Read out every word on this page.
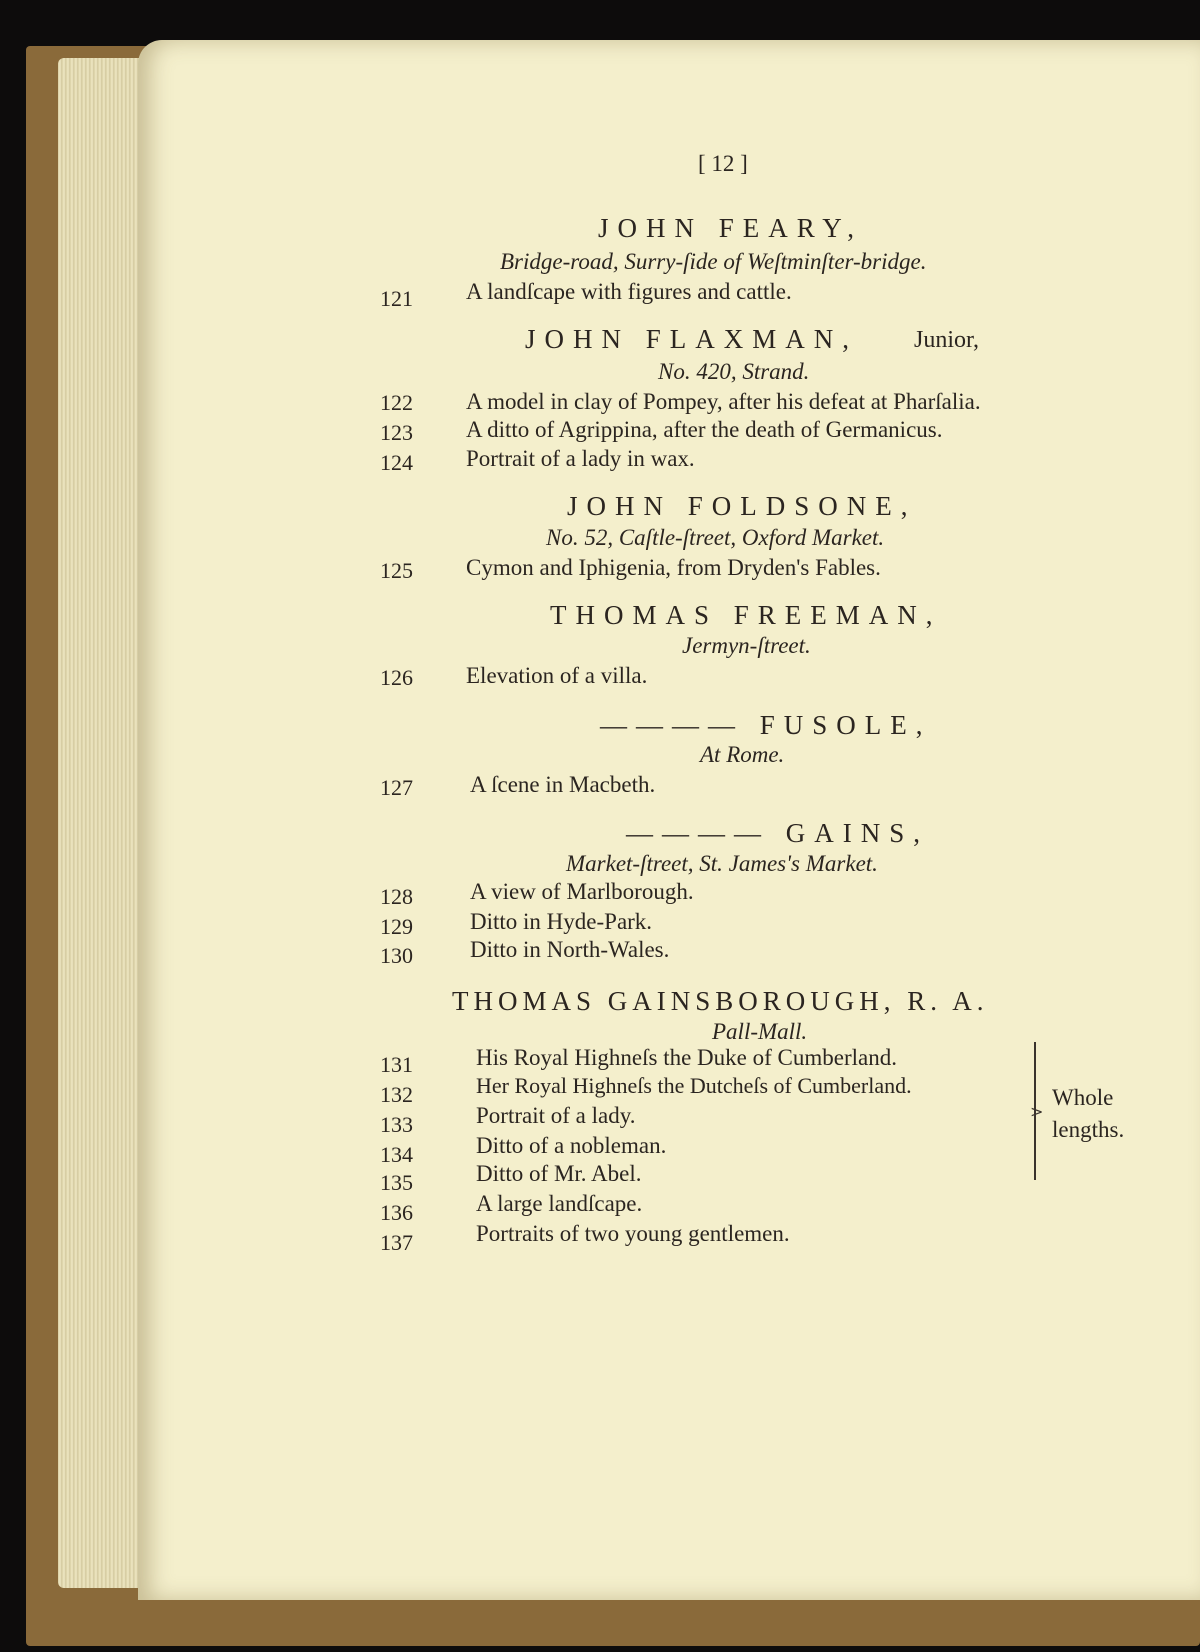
[ 12 ]
JOHN FEARY,
Bridge-road, Surry-ſide of Weſtminſter-bridge.
121 A landſcape with figures and cattle.
JOHN FLAXMAN, Junior,
No. 420, Strand.
122 A model in clay of Pompey, after his defeat at Pharſalia.
123 A ditto of Agrippina, after the death of Germanicus.
124 Portrait of a lady in wax.
JOHN FOLDSONE,
No. 52, Caſtle-ſtreet, Oxford Market.
125 Cymon and Iphigenia, from Dryden's Fables.
THOMAS FREEMAN,
Jermyn-ſtreet.
126 Elevation of a villa.
———— FUSOLE,
At Rome.
127 A ſcene in Macbeth.
———— GAINS,
Market-ſtreet, St. James's Market.
128 A view of Marlborough.
129 Ditto in Hyde-Park.
130 Ditto in North-Wales.
THOMAS GAINSBOROUGH, R. A.
Pall-Mall.
131	His Royal Highneſs the Duke of Cumberland.
132	Her Royal Highneſs the Dutcheſs of Cumberland.
133	Portrait of a lady.
134	Ditto of a nobleman.
135	Ditto of Mr. Abel.
136	A large landſcape.
137	Portraits of two young gentlemen.
>
Whole
lengths.
